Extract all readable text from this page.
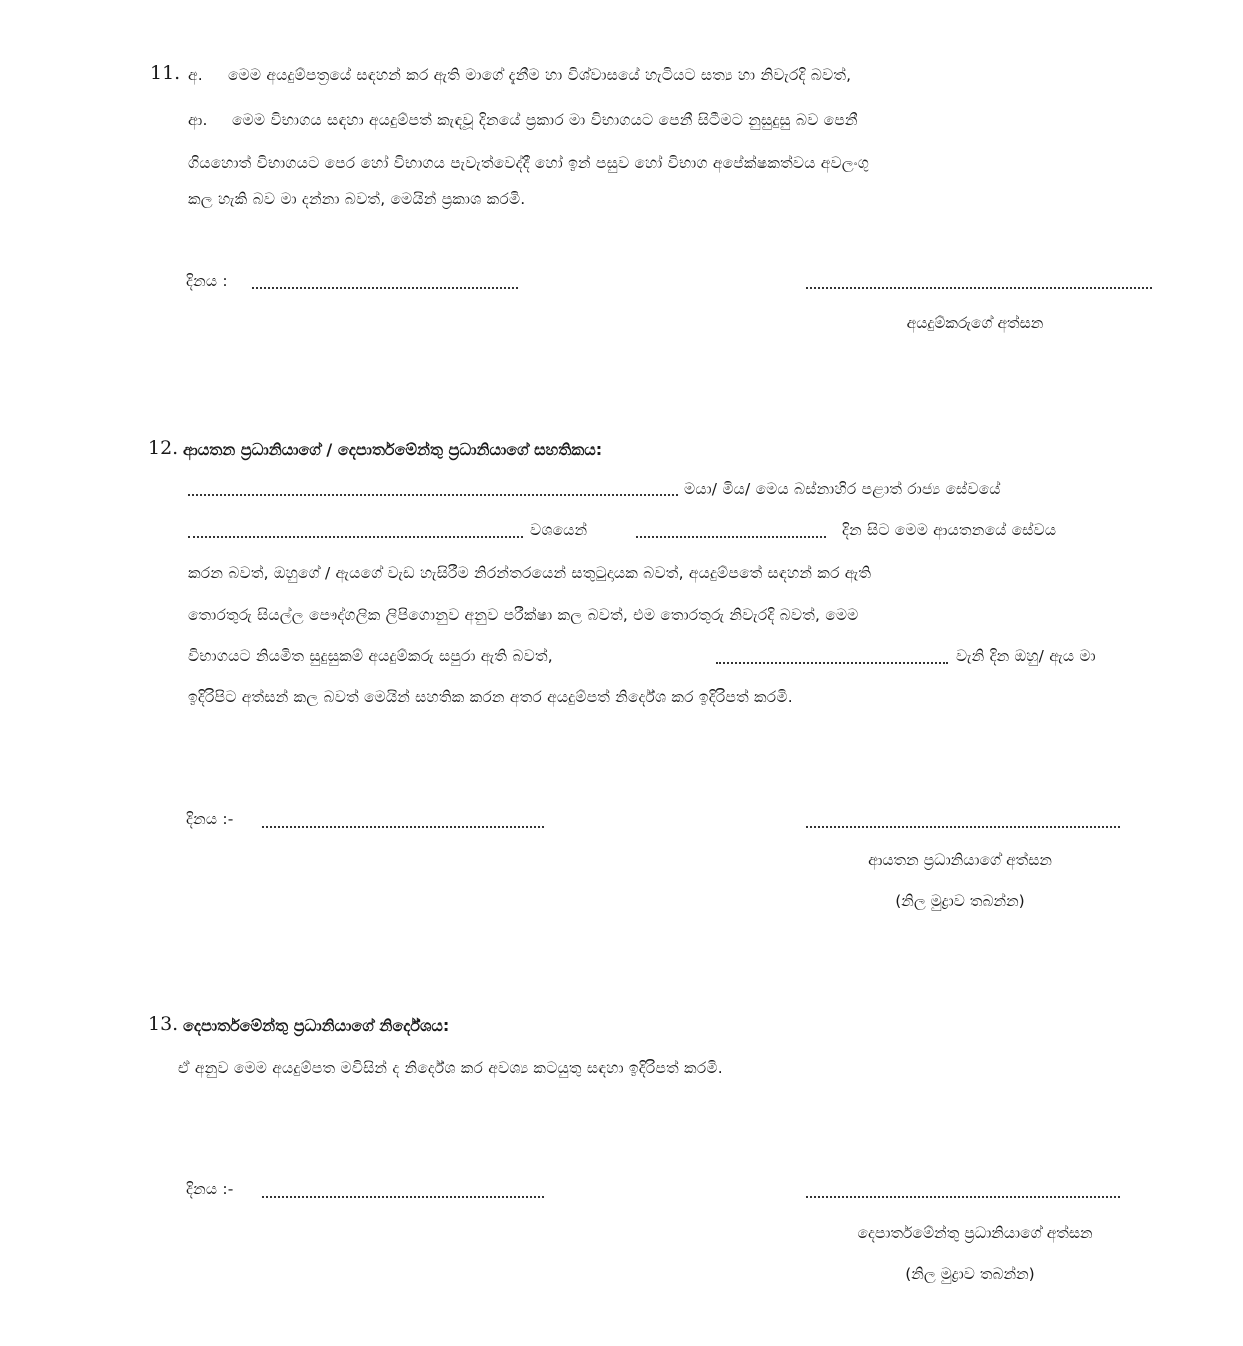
11. අ. මෙම අයදුම්පත්‍රයේ සඳහන් කර ඇති මාගේ දැනීම හා විශ්වාසයේ හැටියට සත්‍ය හා නිවැරදි බවත්,
ආ. මෙම විභාගය සඳහා අයදුම්පත් කැඳවූ දිනයේ ප්‍රකාර මා විභාගයට පෙනී සිටීමට නුසුදුසු බව පෙනී
ගියහොත් විභාගයට පෙර හෝ විභාගය පැවැත්වෙද්දී හෝ ඉන් පසුව හෝ විභාග අපේක්ෂකත්වය අවලංගු
කල හැකි බව මා දන්නා බවත්, මෙයින් ප්‍රකාශ කරමි.
දිනය :
අයදුම්කරුගේ අත්සන
12. ආයතන ප්‍රධානියාගේ / දෙපාර්තමේන්තු ප්‍රධානියාගේ සහතිකය:
මයා/ මිය/ මෙය බස්නාහිර පළාත් රාජ්‍ය සේවයේ
වශයෙන්	දින සිට මෙම ආයතනයේ සේවය
කරන බවත්, ඔහුගේ / ඇයගේ වැඩ හැසිරීම නිරන්තරයෙන් සතුටුදායක බවත්, අයදුම්පතේ සඳහන් කර ඇති
තොරතුරු සියල්ල පෞද්ගලික ලිපිගොනුව අනුව පරීක්ෂා කල බවත්, එම තොරතුරු නිවැරදි බවත්, මෙම
විභාගයට නියමිත සුදුසුකම් අයදුම්කරු සපුරා ඇති බවත්,	වැනි දින ඔහු/ ඇය මා
ඉදිරිපිට අත්සන් කල බවත් මෙයින් සහතික කරන අතර අයදුම්පත් නිර්දේශ කර ඉදිරිපත් කරමි.
දිනය :-
ආයතන ප්‍රධානියාගේ අත්සන
(නිල මුද්‍රාව තබන්න)
13. දෙපාර්තමේන්තු ප්‍රධානියාගේ නිර්දේශය:
ඒ අනුව මෙම අයදුම්පත මවිසින් ද නිර්දේශ කර අවශ්‍ය කටයුතු සඳහා ඉදිරිපත් කරමි.
දිනය :-
දෙපාර්තමේන්තු ප්‍රධානියාගේ අත්සන
(නිල මුද්‍රාව තබන්න)
